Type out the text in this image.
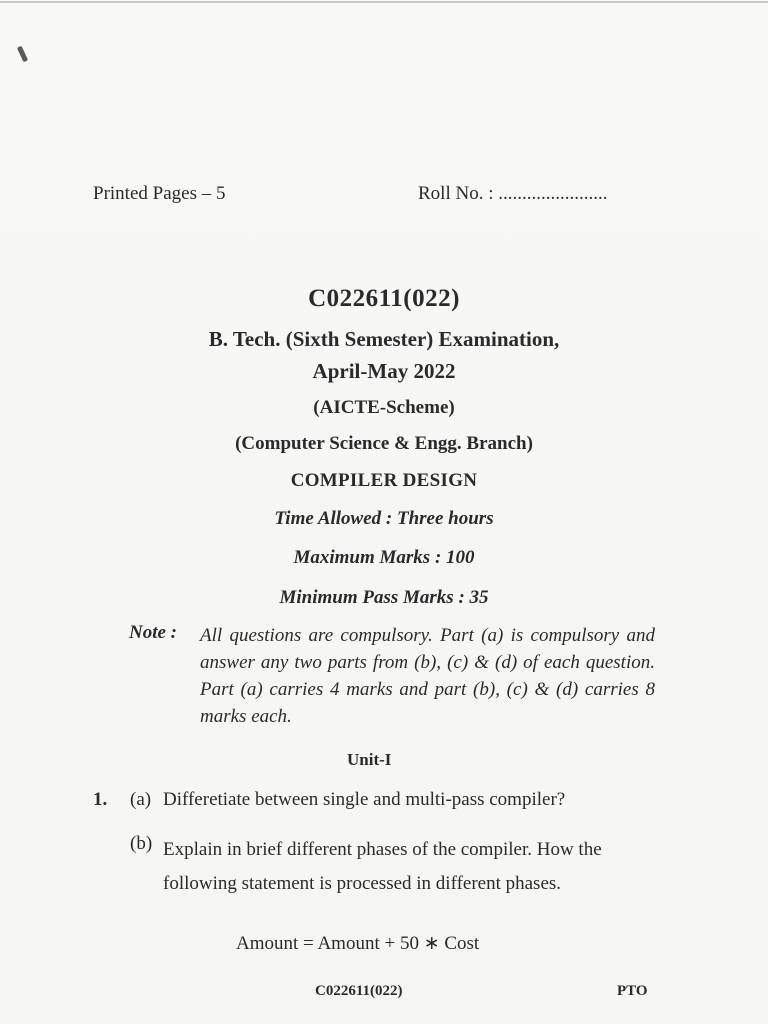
Printed Pages – 5	Roll No. : .......................
C022611(022)
B. Tech. (Sixth Semester) Examination,
April-May 2022
(AICTE-Scheme)
(Computer Science & Engg. Branch)
COMPILER DESIGN
Time Allowed : Three hours
Maximum Marks : 100
Minimum Pass Marks : 35
Note : All questions are compulsory. Part (a) is compulsory and answer any two parts from (b), (c) & (d) of each question. Part (a) carries 4 marks and part (b), (c) & (d) carries 8 marks each.
Unit-I
1. (a) Differetiate between single and multi-pass compiler?
(b) Explain in brief different phases of the compiler. How the following statement is processed in different phases.
Amount = Amount + 50 ∗ Cost
C022611(022)	PTO
